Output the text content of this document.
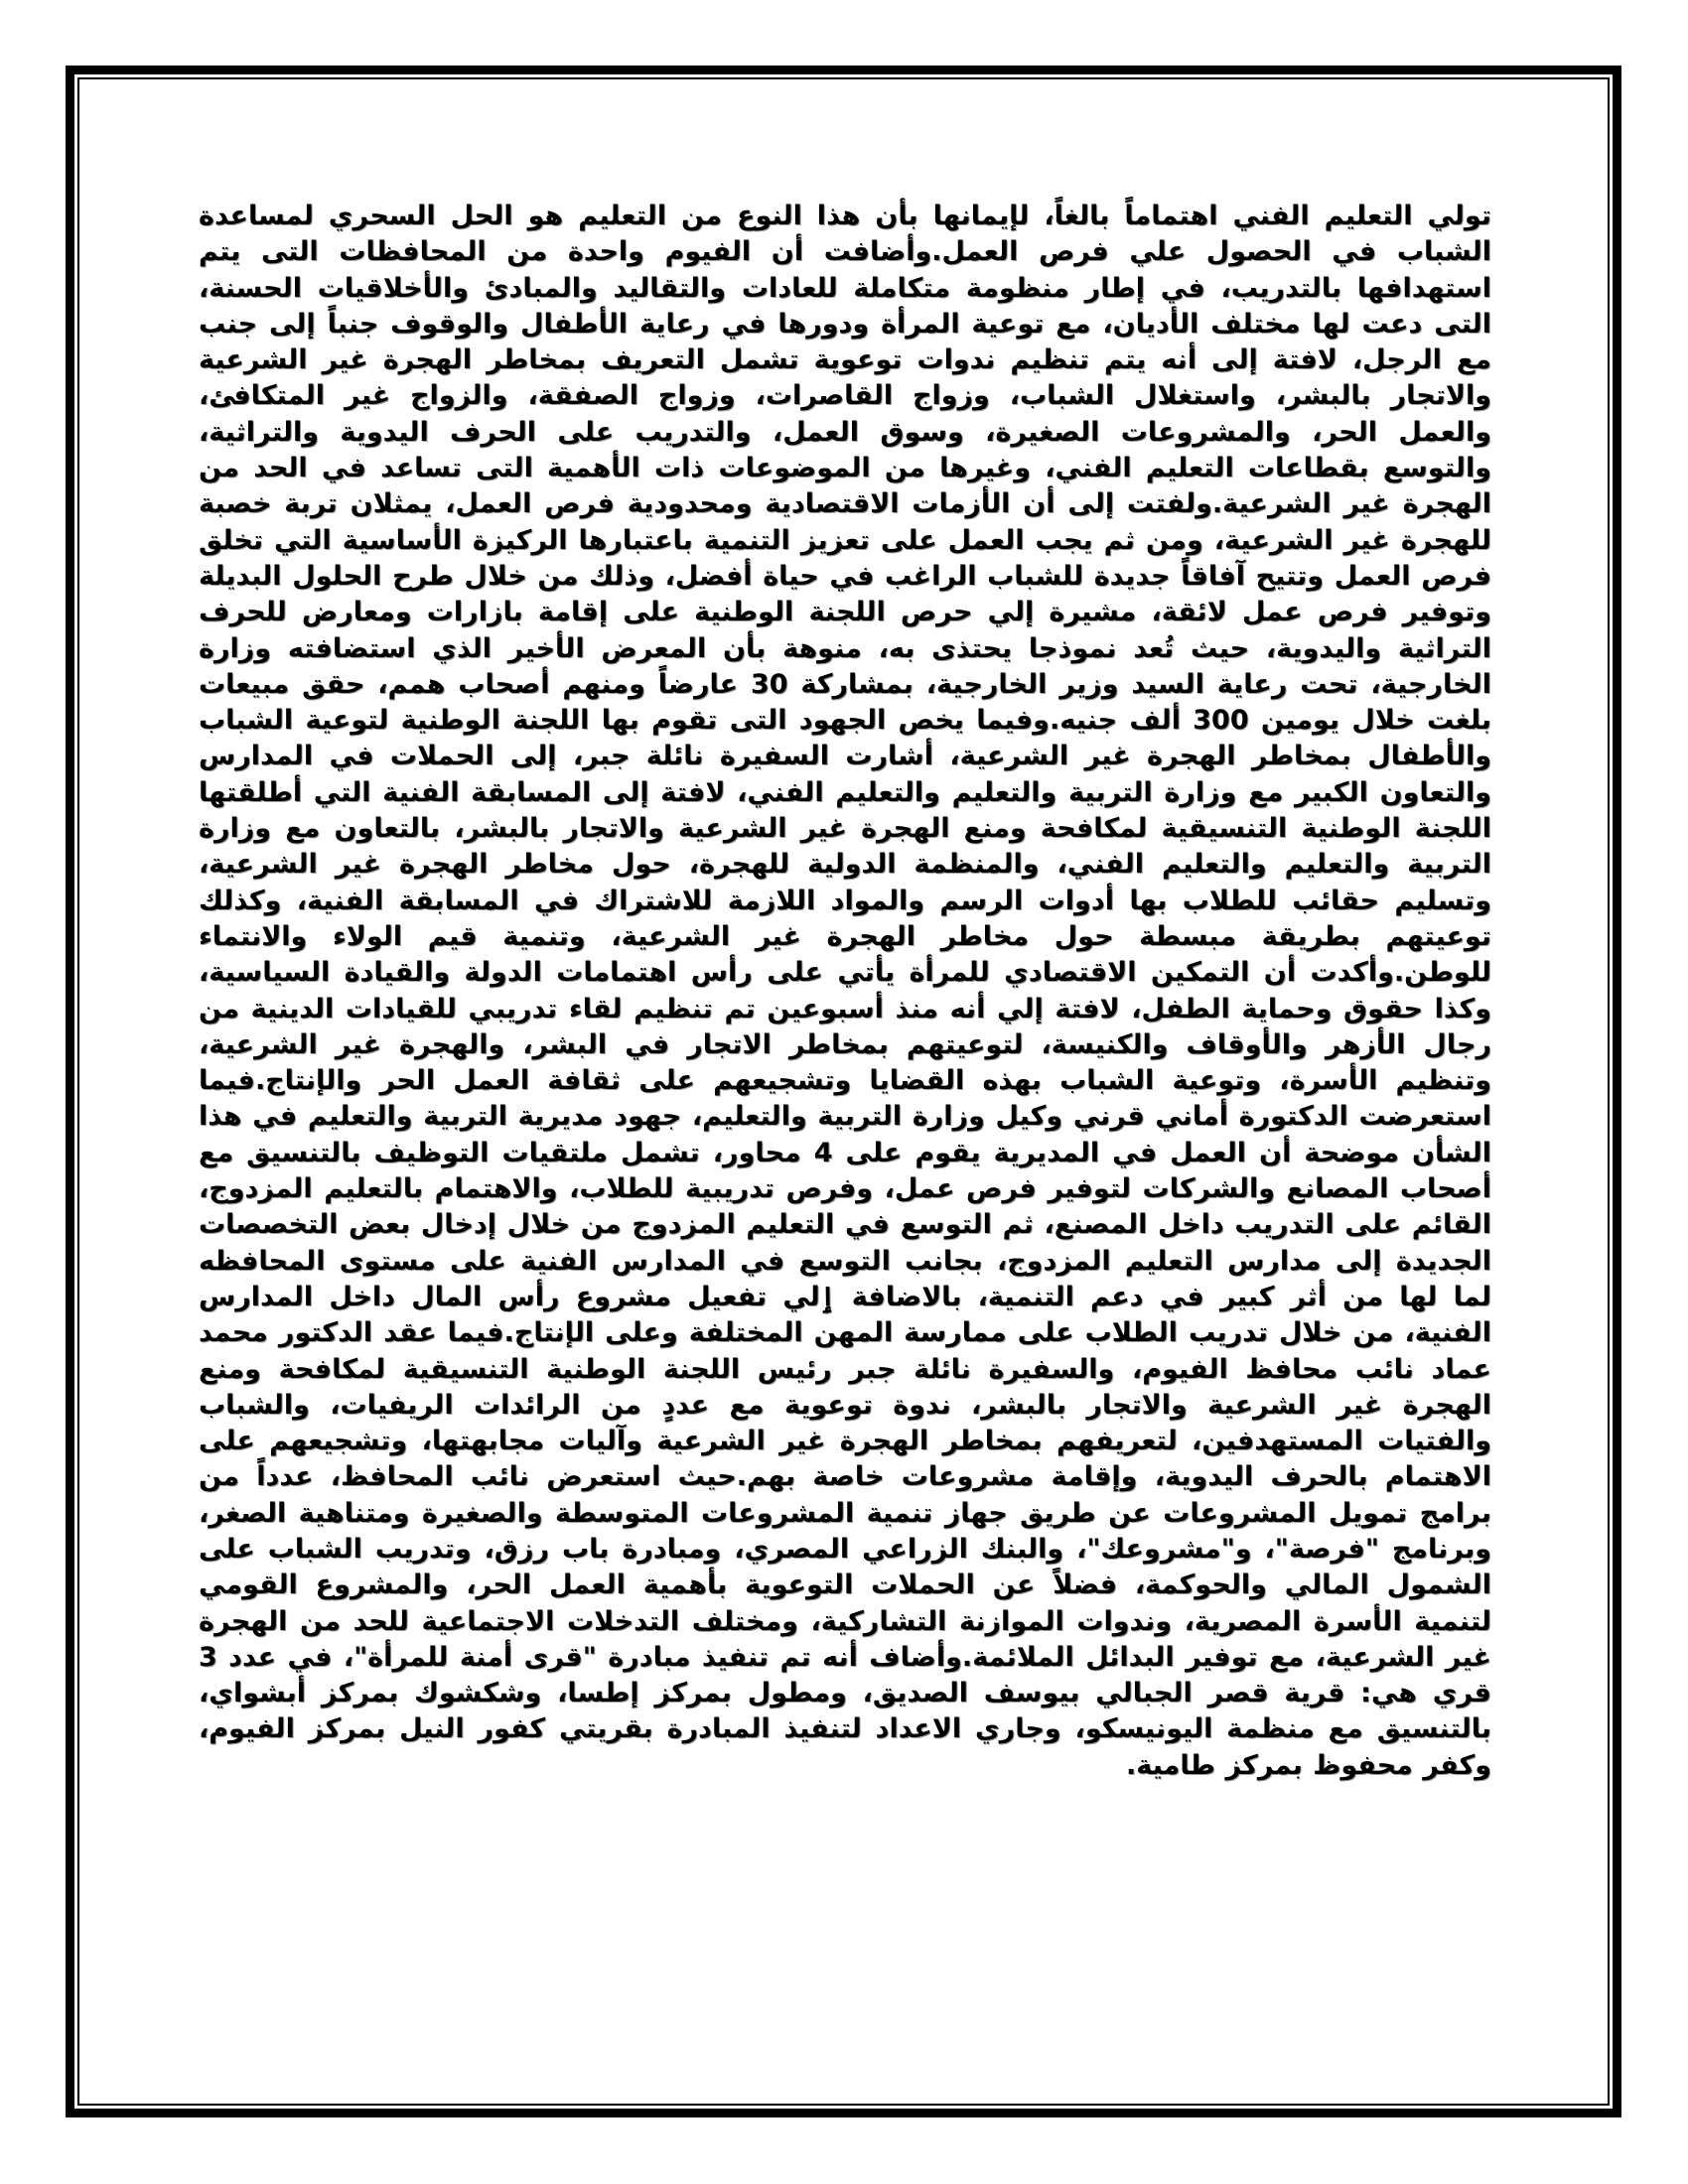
تولي التعليم الفني اهتماماً بالغاً، لإيمانها بأن هذا النوع من التعليم هو الحل السحري لمساعدة الشباب في الحصول علي فرص العمل.وأضافت أن الفيوم واحدة من المحافظات التى يتم استهدافها بالتدريب، في إطار منظومة متكاملة للعادات والتقاليد والمبادئ والأخلاقيات الحسنة، التى دعت لها مختلف الأديان، مع توعية المرأة ودورها في رعاية الأطفال والوقوف جنباً إلى جنب مع الرجل، لافتة إلى أنه يتم تنظيم ندوات توعوية تشمل التعريف بمخاطر الهجرة غير الشرعية والاتجار بالبشر، واستغلال الشباب، وزواج القاصرات، وزواج الصفقة، والزواج غير المتكافئ، والعمل الحر، والمشروعات الصغيرة، وسوق العمل، والتدريب على الحرف اليدوية والتراثية، والتوسع بقطاعات التعليم الفني، وغيرها من الموضوعات ذات الأهمية التى تساعد في الحد من الهجرة غير الشرعية.ولفتت إلى أن الأزمات الاقتصادية ومحدودية فرص العمل، يمثلان تربة خصبة للهجرة غير الشرعية، ومن ثم يجب العمل على تعزيز التنمية باعتبارها الركيزة الأساسية التي تخلق فرص العمل وتتيح آفاقاً جديدة للشباب الراغب في حياة أفضل، وذلك من خلال طرح الحلول البديلة وتوفير فرص عمل لائقة، مشيرة إلي حرص اللجنة الوطنية على إقامة بازارات ومعارض للحرف التراثية واليدوية، حيث تُعد نموذجا يحتذى به، منوهة بأن المعرض الأخير الذي استضافته وزارة الخارجية، تحت رعاية السيد وزير الخارجية، بمشاركة 30 عارضاً ومنهم أصحاب همم، حقق مبيعات بلغت خلال يومين 300 ألف جنيه.وفيما يخص الجهود التى تقوم بها اللجنة الوطنية لتوعية الشباب والأطفال بمخاطر الهجرة غير الشرعية، أشارت السفيرة نائلة جبر، إلى الحملات في المدارس والتعاون الكبير مع وزارة التربية والتعليم والتعليم الفني، لافتة إلى المسابقة الفنية التي أطلقتها اللجنة الوطنية التنسيقية لمكافحة ومنع الهجرة غير الشرعية والاتجار بالبشر، بالتعاون مع وزارة التربية والتعليم والتعليم الفني، والمنظمة الدولية للهجرة، حول مخاطر الهجرة غير الشرعية، وتسليم حقائب للطلاب بها أدوات الرسم والمواد اللازمة للاشتراك في المسابقة الفنية، وكذلك توعيتهم بطريقة مبسطة حول مخاطر الهجرة غير الشرعية، وتنمية قيم الولاء والانتماء للوطن.وأكدت أن التمكين الاقتصادي للمرأة يأتي على رأس اهتمامات الدولة والقيادة السياسية، وكذا حقوق وحماية الطفل، لافتة إلي أنه منذ أسبوعين تم تنظيم لقاء تدريبي للقيادات الدينية من رجال الأزهر والأوقاف والكنيسة، لتوعيتهم بمخاطر الاتجار في البشر، والهجرة غير الشرعية، وتنظيم الأسرة، وتوعية الشباب بهذه القضايا وتشجيعهم على ثقافة العمل الحر والإنتاج.فيما استعرضت الدكتورة أماني قرني وكيل وزارة التربية والتعليم، جهود مديرية التربية والتعليم في هذا الشأن موضحة أن العمل في المديرية يقوم على 4 محاور، تشمل ملتقيات التوظيف بالتنسيق مع أصحاب المصانع والشركات لتوفير فرص عمل، وفرص تدريبية للطلاب، والاهتمام بالتعليم المزدوج، القائم على التدريب داخل المصنع، ثم التوسع في التعليم المزدوج من خلال إدخال بعض التخصصات الجديدة إلى مدارس التعليم المزدوج، بجانب التوسع في المدارس الفنية على مستوى المحافظه لما لها من أثر كبير في دعم التنمية، بالاضافة ٳلي تفعيل مشروع رأس المال داخل المدارس الفنية، من خلال تدريب الطلاب على ممارسة المهن المختلفة وعلى الإنتاج.فيما عقد الدكتور محمد عماد نائب محافظ الفيوم، والسفيرة نائلة جبر رئيس اللجنة الوطنية التنسيقية لمكافحة ومنع الهجرة غير الشرعية والاتجار بالبشر، ندوة توعوية مع عددٍ من الرائدات الريفيات، والشباب والفتيات المستهدفين، لتعريفهم بمخاطر الهجرة غير الشرعية وآليات مجابهتها، وتشجيعهم على الاهتمام بالحرف اليدوية، وإقامة مشروعات خاصة بهم.حيث استعرض نائب المحافظ، عدداً من برامج تمويل المشروعات عن طريق جهاز تنمية المشروعات المتوسطة والصغيرة ومتناهية الصغر، وبرنامج "فرصة"، و"مشروعك"، والبنك الزراعي المصري، ومبادرة باب رزق، وتدريب الشباب على الشمول المالي والحوكمة، فضلاً عن الحملات التوعوية بأهمية العمل الحر، والمشروع القومي لتنمية الأسرة المصرية، وندوات الموازنة التشاركية، ومختلف التدخلات الاجتماعية للحد من الهجرة غير الشرعية، مع توفير البدائل الملائمة.وأضاف أنه تم تنفيذ مبادرة "قرى أمنة للمرأة"، في عدد 3 قري هي: قرية قصر الجبالي بيوسف الصديق، ومطول بمركز إطسا، وشكشوك بمركز أبشواي، بالتنسيق مع منظمة اليونيسكو، وجاري الاعداد لتنفيذ المبادرة بقريتي كفور النيل بمركز الفيوم، وكفر محفوظ بمركز طامية.
